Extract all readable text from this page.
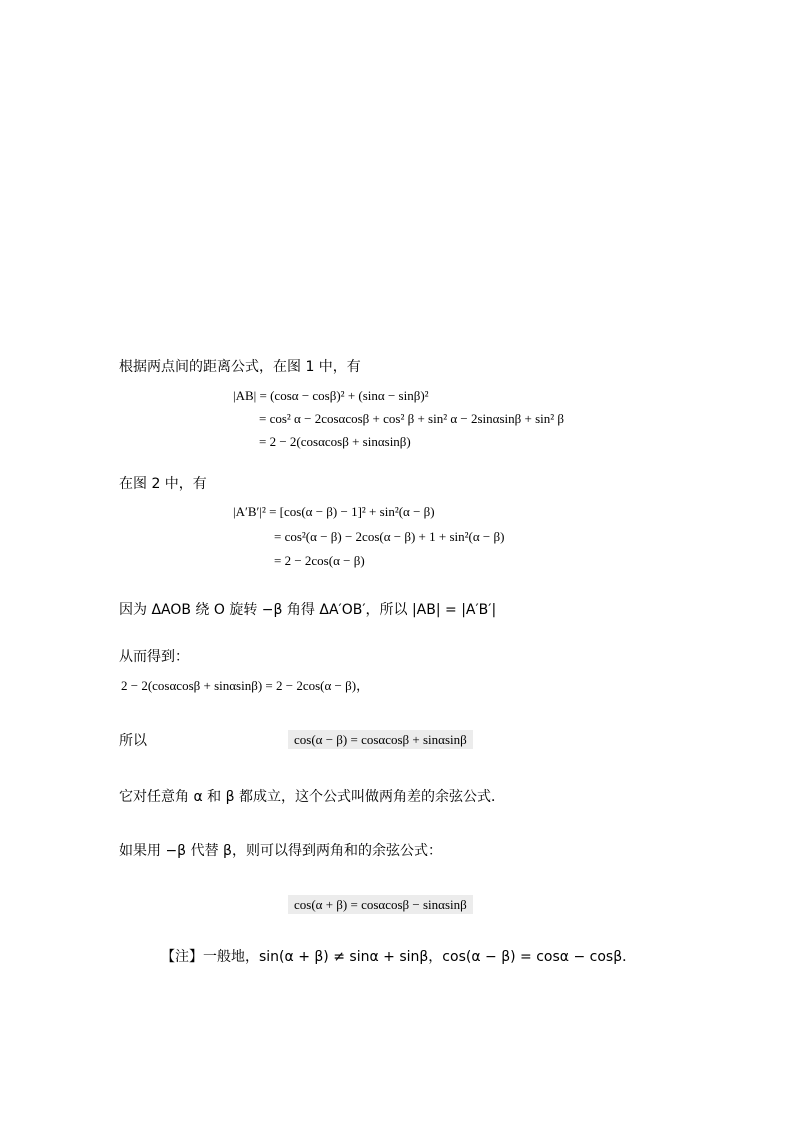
根据两点间的距离公式，在图 1 中，有
|AB| = (cosα − cosβ)² + (sinα − sinβ)²
= cos² α − 2cosαcosβ + cos² β + sin² α − 2sinαsinβ + sin² β
= 2 − 2(cosαcosβ + sinαsinβ)
在图 2 中，有
|A′B′|² = [cos(α − β) − 1]² + sin²(α − β)
= cos²(α − β) − 2cos(α − β) + 1 + sin²(α − β)
= 2 − 2cos(α − β)
因为 ΔAOB 绕 O 旋转 −β 角得 ΔA′OB′，所以 |AB| = |A′B′|
从而得到：
2 − 2(cosαcosβ + sinαsinβ) = 2 − 2cos(α − β)，
所以	cos(α − β) = cosαcosβ + sinαsinβ
它对任意角 α 和 β 都成立，这个公式叫做两角差的余弦公式．
如果用 −β 代替 β，则可以得到两角和的余弦公式：
cos(α + β) = cosαcosβ − sinαsinβ
【注】一般地，sin(α + β) ≠ sinα + sinβ，cos(α − β) = cosα − cosβ．
